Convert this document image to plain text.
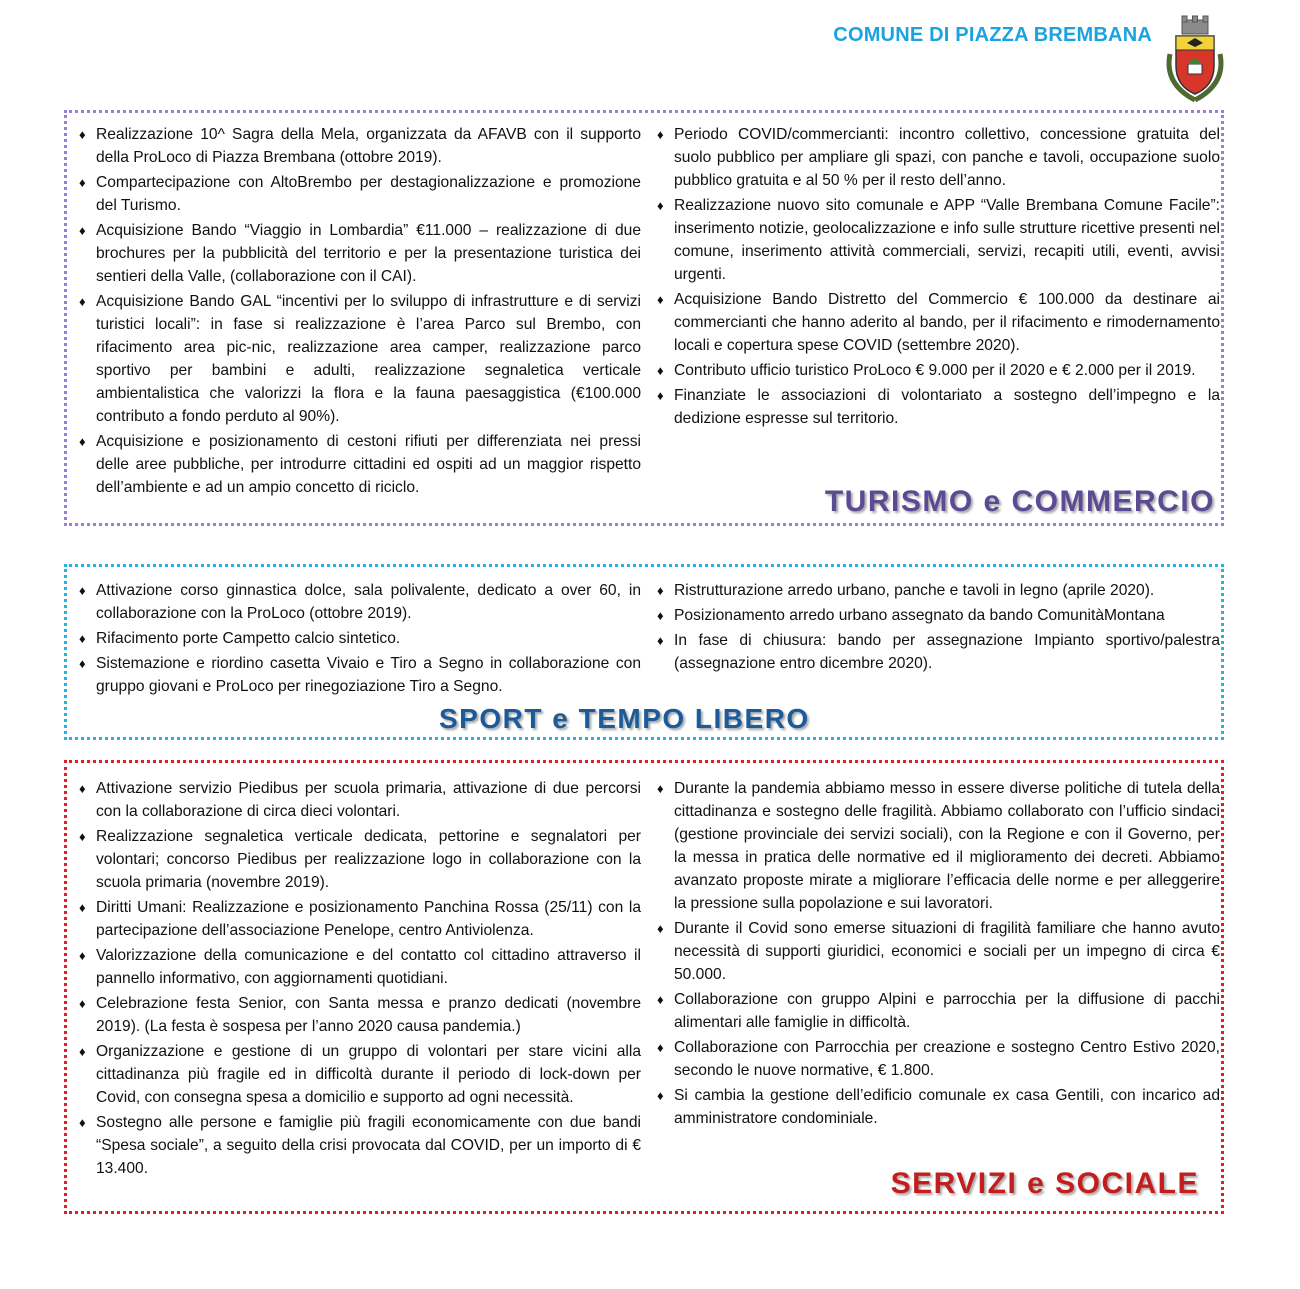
COMUNE DI PIAZZA BREMBANA
♦ Realizzazione 10^ Sagra della Mela, organizzata da AFAVB con il supporto della ProLoco di Piazza Brembana (ottobre 2019).
♦ Compartecipazione con AltoBrembo per destagionalizzazione e promozione del Turismo.
♦ Acquisizione Bando “Viaggio in Lombardia” €11.000 – realizzazione di due brochures per la pubblicità del territorio e per la presentazione turistica dei sentieri della Valle, (collaborazione con il CAI).
♦ Acquisizione Bando GAL “incentivi per lo sviluppo di infrastrutture e di servizi turistici locali”: in fase si realizzazione è l’area Parco sul Brembo, con rifacimento area pic-nic, realizzazione area camper, realizzazione parco sportivo per bambini e adulti, realizzazione segnaletica verticale ambientalistica che valorizzi la flora e la fauna paesaggistica (€100.000 contributo a fondo perduto al 90%).
♦ Acquisizione e posizionamento di cestoni rifiuti per differenziata nei pressi delle aree pubbliche, per introdurre cittadini ed ospiti ad un maggior rispetto dell’ambiente e ad un ampio concetto di riciclo.
♦ Periodo COVID/commercianti: incontro collettivo, concessione gratuita del suolo pubblico per ampliare gli spazi, con panche e tavoli, occupazione suolo pubblico gratuita e al 50 % per il resto dell’anno.
♦ Realizzazione nuovo sito comunale e APP “Valle Brembana Comune Facile”: inserimento notizie, geolocalizzazione e info sulle strutture ricettive presenti nel comune, inserimento attività commerciali, servizi, recapiti utili, eventi, avvisi urgenti.
♦ Acquisizione Bando Distretto del Commercio € 100.000 da destinare ai commercianti che hanno aderito al bando, per il rifacimento e rimodernamento locali e copertura spese COVID (settembre 2020).
♦ Contributo ufficio turistico ProLoco € 9.000 per il 2020 e € 2.000 per il 2019.
♦ Finanziate le associazioni di volontariato a sostegno dell’impegno e la dedizione espresse sul territorio.
TURISMO e COMMERCIO
♦ Attivazione corso ginnastica dolce, sala polivalente, dedicato a over 60, in collaborazione con la ProLoco (ottobre 2019).
♦ Rifacimento porte Campetto calcio sintetico.
♦ Sistemazione e riordino casetta Vivaio e Tiro a Segno in collaborazione con gruppo giovani e ProLoco per rinegoziazione Tiro a Segno.
♦ Ristrutturazione arredo urbano, panche e tavoli in legno (aprile 2020).
♦ Posizionamento arredo urbano assegnato da bando ComunitàMontana
♦ In fase di chiusura: bando per assegnazione Impianto sportivo/palestra (assegnazione entro dicembre 2020).
SPORT e TEMPO LIBERO
♦ Attivazione servizio Piedibus per scuola primaria, attivazione di due percorsi con la collaborazione di circa dieci volontari.
♦ Realizzazione segnaletica verticale dedicata, pettorine e segnalatori per volontari; concorso Piedibus per realizzazione logo in collaborazione con la scuola primaria (novembre 2019).
♦ Diritti Umani: Realizzazione e posizionamento Panchina Rossa (25/11) con la partecipazione dell’associazione Penelope, centro Antiviolenza.
♦ Valorizzazione della comunicazione e del contatto col cittadino attraverso il pannello informativo, con aggiornamenti quotidiani.
♦ Celebrazione festa Senior, con Santa messa e pranzo dedicati (novembre 2019). (La festa è sospesa per l’anno 2020 causa pandemia.)
♦ Organizzazione e gestione di un gruppo di volontari per stare vicini alla cittadinanza più fragile ed in difficoltà durante il periodo di lock-down per Covid, con consegna spesa a domicilio e supporto ad ogni necessità.
♦ Sostegno alle persone e famiglie più fragili economicamente con due bandi “Spesa sociale”, a seguito della crisi provocata dal COVID, per un importo di € 13.400.
♦ Durante la pandemia abbiamo messo in essere diverse politiche di tutela della cittadinanza e sostegno delle fragilità. Abbiamo collaborato con l’ufficio sindaci (gestione provinciale dei servizi sociali), con la Regione e con il Governo, per la messa in pratica delle normative ed il miglioramento dei decreti. Abbiamo avanzato proposte mirate a migliorare l’efficacia delle norme e per alleggerire la pressione sulla popolazione e sui lavoratori.
♦ Durante il Covid sono emerse situazioni di fragilità familiare che hanno avuto necessità di supporti giuridici, economici e sociali per un impegno di circa € 50.000.
♦ Collaborazione con gruppo Alpini e parrocchia per la diffusione di pacchi alimentari alle famiglie in difficoltà.
♦ Collaborazione con Parrocchia per creazione e sostegno Centro Estivo 2020, secondo le nuove normative, € 1.800.
♦ Si cambia la gestione dell’edificio comunale ex casa Gentili, con incarico ad amministratore condominiale.
SERVIZI e SOCIALE
